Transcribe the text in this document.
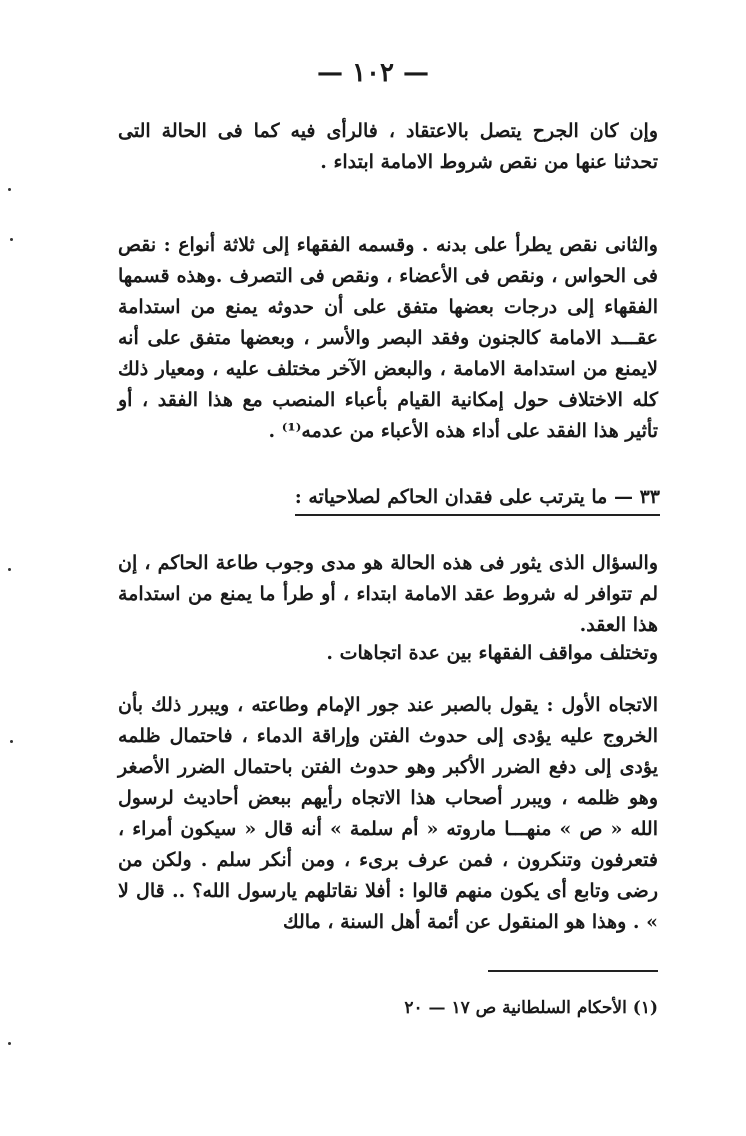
— ١٠٢ —
وإن كان الجرح يتصل بالاعتقاد ، فالرأى فيه كما فى الحالة التى تحدثنا عنها من نقص شروط الامامة ابتداء .
والثانى نقص يطرأ على بدنه . وقسمه الفقهاء إلى ثلاثة أنواع : نقص فى الحواس ، ونقص فى الأعضاء ، ونقص فى التصرف .وهذه قسمها الفقهاء إلى درجات بعضها متفق على أن حدوثه يمنع من استدامة عقـــد الامامة كالجنون وفقد البصر والأسر ، وبعضها متفق على أنه لايمنع من استدامة الامامة ، والبعض الآخر مختلف عليه ، ومعيار ذلك كله الاختلاف حول إمكانية القيام بأعباء المنصب مع هذا الفقد ، أو تأثير هذا الفقد على أداء هذه الأعباء من عدمه⁽¹⁾ .
٣٣ — ما يترتب على فقدان الحاكم لصلاحياته :
والسؤال الذى يثور فى هذه الحالة هو مدى وجوب طاعة الحاكم ، إن لم تتوافر له شروط عقد الامامة ابتداء ، أو طرأ ما يمنع من استدامة هذا العقد.
وتختلف مواقف الفقهاء بين عدة اتجاهات .
الاتجاه الأول : يقول بالصبر عند جور الإمام وطاعته ، ويبرر ذلك بأن الخروج عليه يؤدى إلى حدوث الفتن وإراقة الدماء ، فاحتمال ظلمه يؤدى إلى دفع الضرر الأكبر وهو حدوث الفتن باحتمال الضرر الأصغر وهو ظلمه ، ويبرر أصحاب هذا الاتجاه رأيهم ببعض أحاديث لرسول الله « ص » منهـــا ماروته « أم سلمة » أنه قال « سيكون أمراء ، فتعرفون وتنكرون ، فمن عرف برىء ، ومن أنكر سلم . ولكن من رضى وتابع أى يكون منهم قالوا : أفلا نقاتلهم يارسول الله؟ .. قال لا » . وهذا هو المنقول عن أئمة أهل السنة ، مالك
(١) الأحكام السلطانية ص ١٧ — ٢٠
